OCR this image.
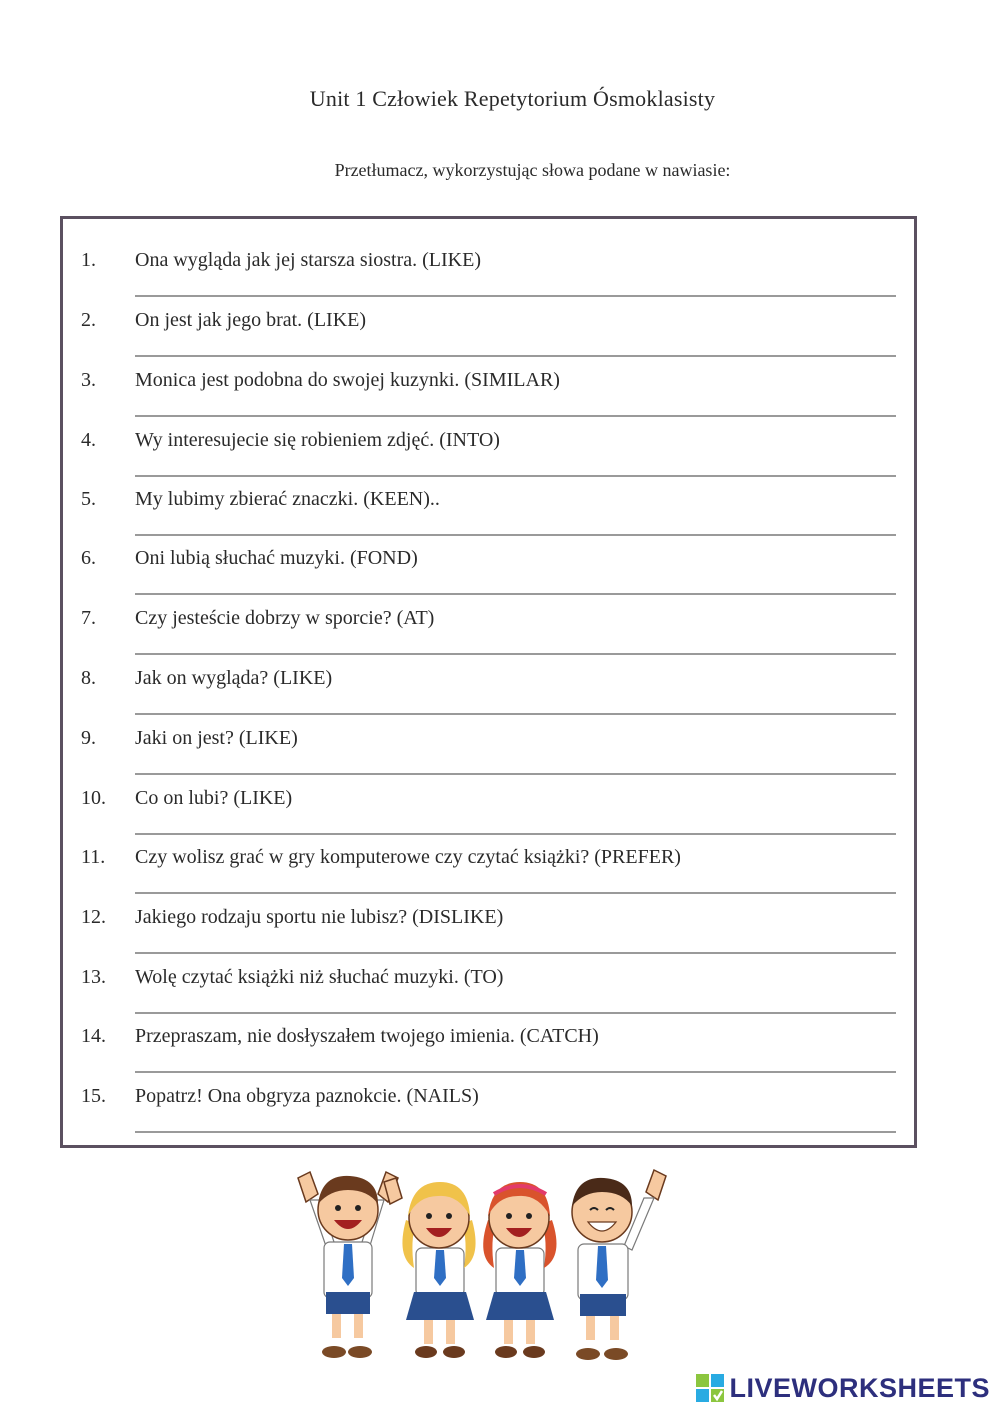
Unit 1 Człowiek Repetytorium Ósmoklasisty
Przetłumacz, wykorzystując słowa podane w nawiasie:
1.	Ona wygląda jak jej starsza siostra. (LIKE)
2.	On jest jak jego brat. (LIKE)
3.	Monica jest podobna do swojej kuzynki. (SIMILAR)
4.	Wy interesujecie się robieniem zdjęć. (INTO)
5.	My lubimy zbierać znaczki. (KEEN)..
6.	Oni lubią słuchać muzyki. (FOND)
7.	Czy jesteście dobrzy w sporcie? (AT)
8.	Jak on wygląda? (LIKE)
9.	Jaki on jest? (LIKE)
10.	Co on lubi? (LIKE)
11.	Czy wolisz grać w gry komputerowe czy czytać książki? (PREFER)
12.	Jakiego rodzaju sportu nie lubisz? (DISLIKE)
13.	Wolę czytać książki niż słuchać muzyki. (TO)
14.	Przepraszam, nie dosłyszałem twojego imienia. (CATCH)
15.	Popatrz! Ona obgryza paznokcie. (NAILS)
LIVEWORKSHEETS
